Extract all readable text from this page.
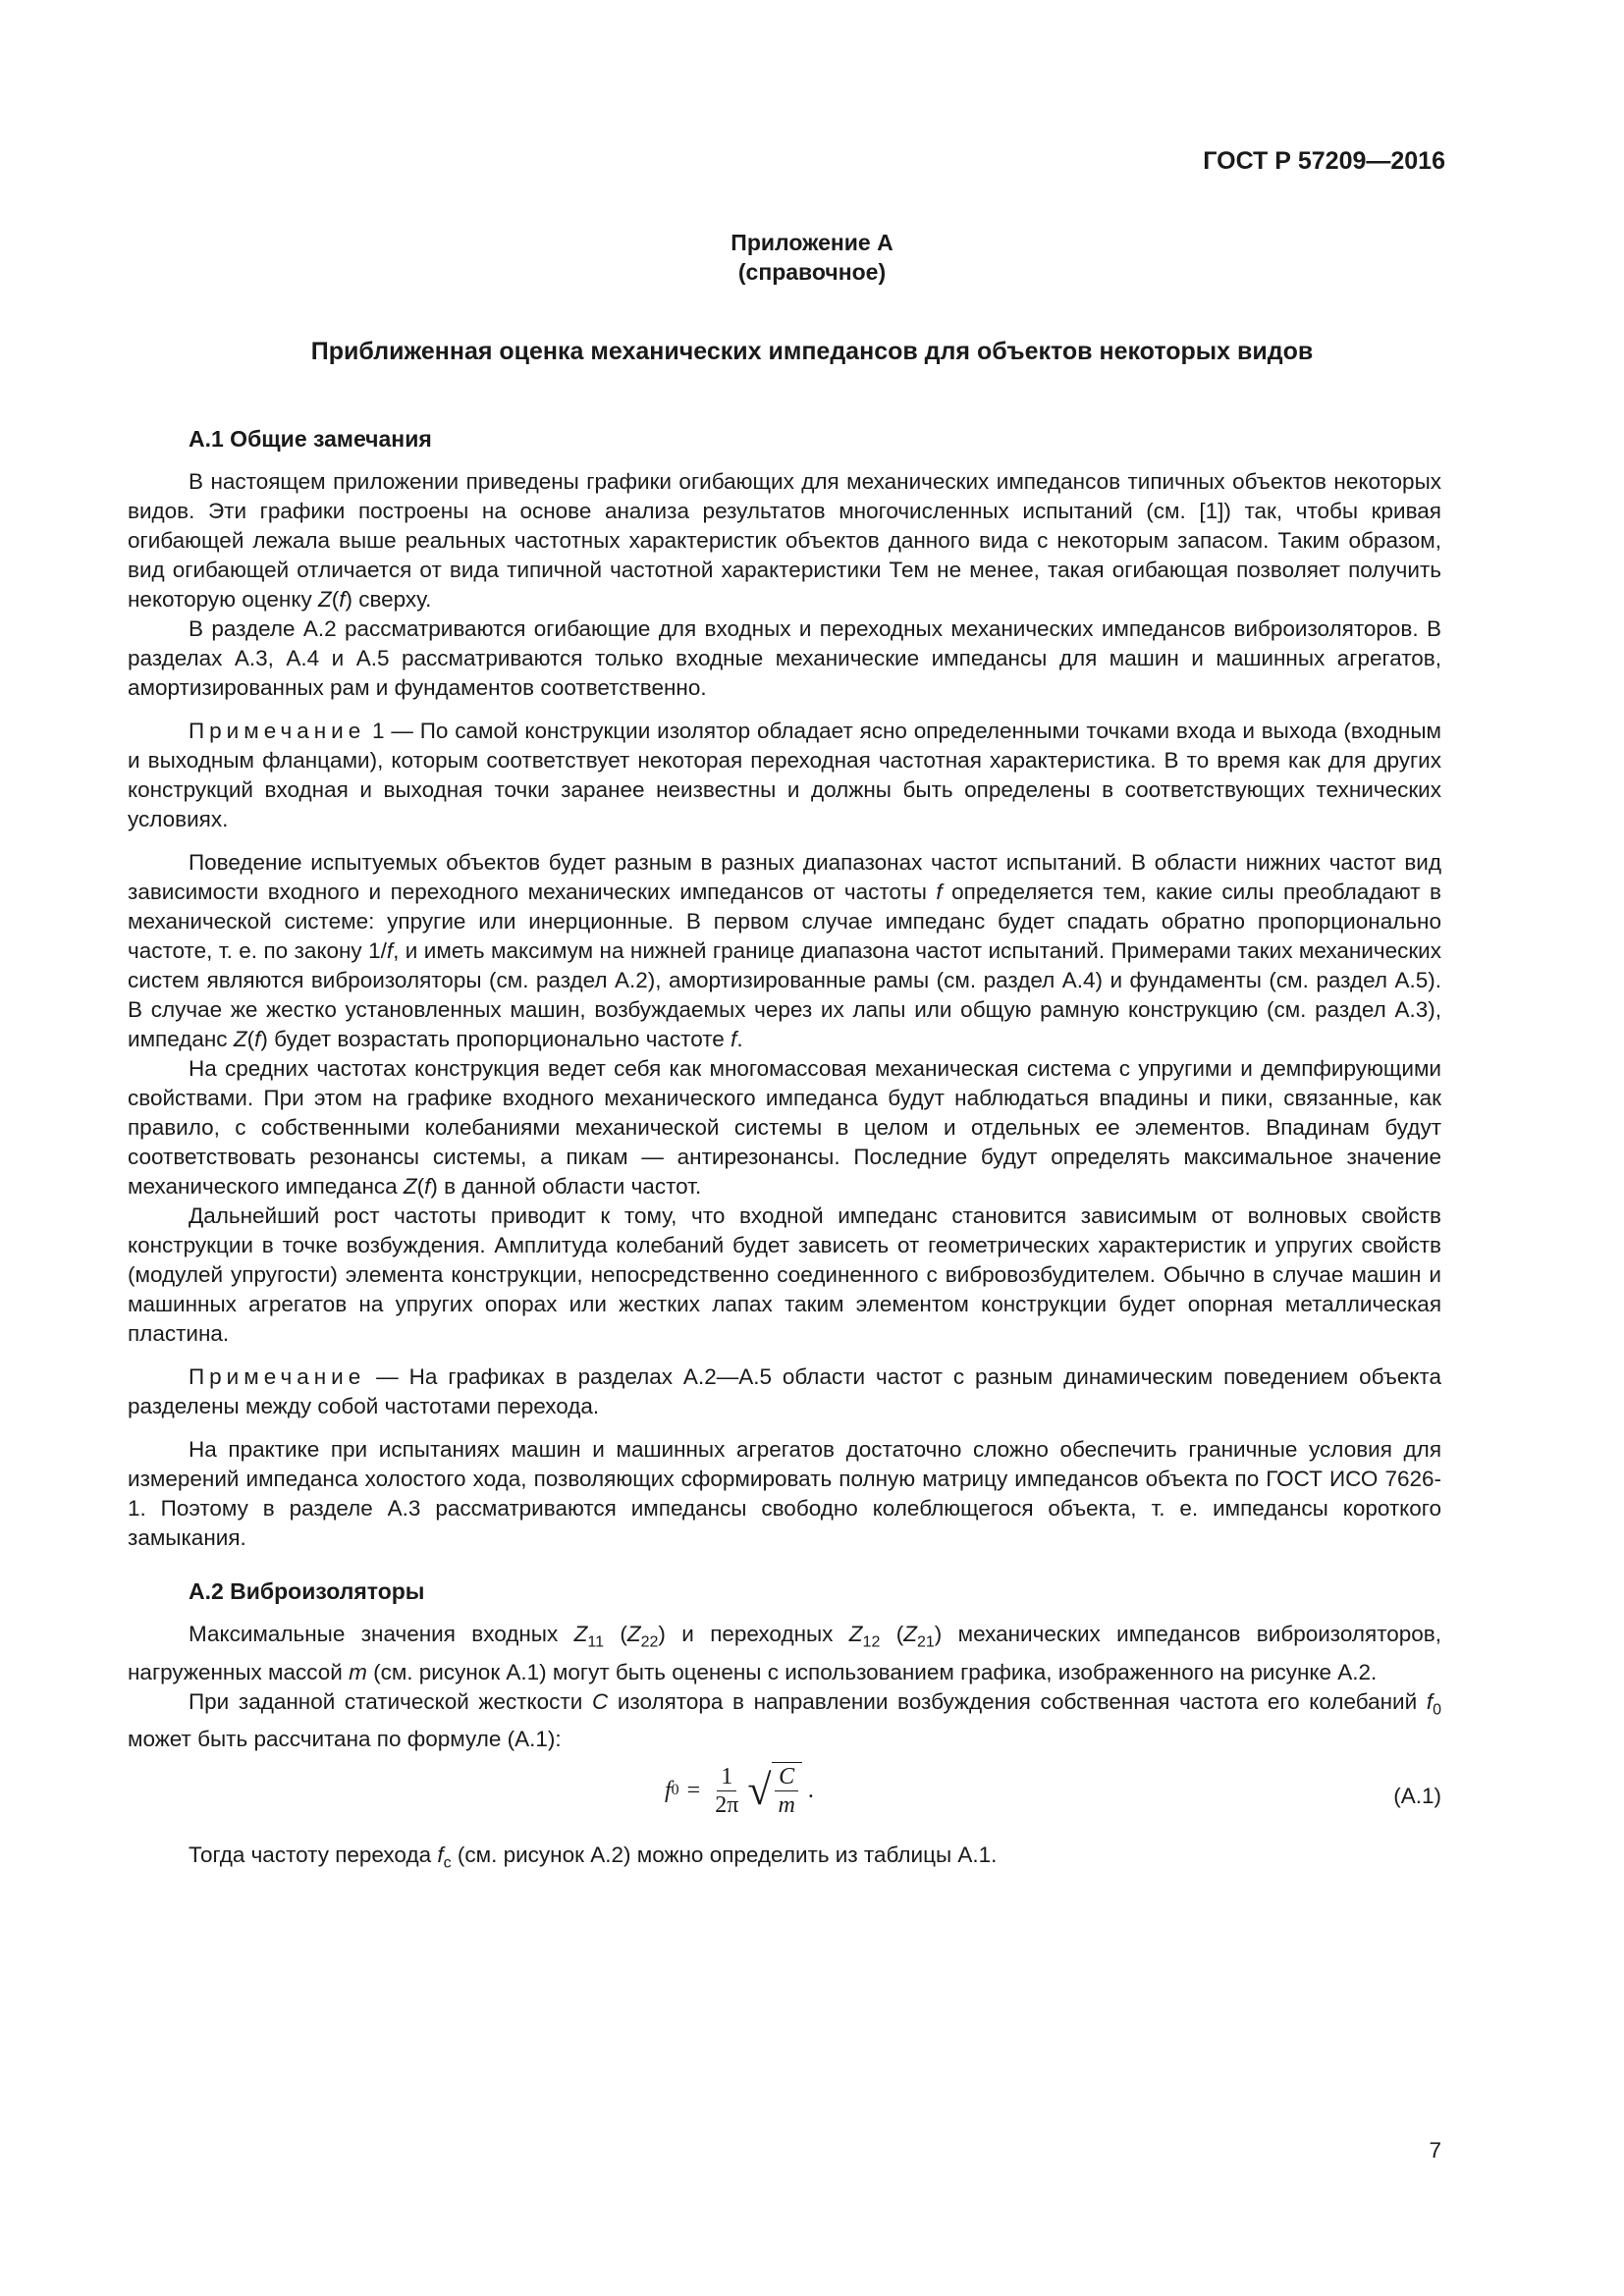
ГОСТ Р 57209—2016
Приложение А
(справочное)
Приближенная оценка механических импедансов для объектов некоторых видов
А.1 Общие замечания

В настоящем приложении приведены графики огибающих для механических импедансов типичных объектов некоторых видов. Эти графики построены на основе анализа результатов многочисленных испытаний (см. [1]) так, чтобы кривая огибающей лежала выше реальных частотных характеристик объектов данного вида с некоторым запасом. Таким образом, вид огибающей отличается от вида типичной частотной характеристики Тем не менее, такая огибающая позволяет получить некоторую оценку Z(f) сверху.

В разделе А.2 рассматриваются огибающие для входных и переходных механических импедансов виброизоляторов. В разделах А.3, А.4 и А.5 рассматриваются только входные механические импедансы для машин и машинных агрегатов, амортизированных рам и фундаментов соответственно.

Примечание 1 — По самой конструкции изолятор обладает ясно определенными точками входа и выхода (входным и выходным фланцами), которым соответствует некоторая переходная частотная характеристика. В то время как для других конструкций входная и выходная точки заранее неизвестны и должны быть определены в соответствующих технических условиях.

Поведение испытуемых объектов будет разным в разных диапазонах частот испытаний. В области нижних частот вид зависимости входного и переходного механических импедансов от частоты f определяется тем, какие силы преобладают в механической системе: упругие или инерционные. В первом случае импеданс будет спадать обратно пропорционально частоте, т. е. по закону 1/f, и иметь максимум на нижней границе диапазона частот испытаний. Примерами таких механических систем являются виброизоляторы (см. раздел А.2), амортизированные рамы (см. раздел А.4) и фундаменты (см. раздел А.5). В случае же жестко установленных машин, возбуждаемых через их лапы или общую рамную конструкцию (см. раздел А.3), импеданс Z(f) будет возрастать пропорционально частоте f.

На средних частотах конструкция ведет себя как многомассовая механическая система с упругими и демпфирующими свойствами. При этом на графике входного механического импеданса будут наблюдаться впадины и пики, связанные, как правило, с собственными колебаниями механической системы в целом и отдельных ее элементов. Впадинам будут соответствовать резонансы системы, а пикам — антирезонансы. Последние будут определять максимальное значение механического импеданса Z(f) в данной области частот.

Дальнейший рост частоты приводит к тому, что входной импеданс становится зависимым от волновых свойств конструкции в точке возбуждения. Амплитуда колебаний будет зависеть от геометрических характеристик и упругих свойств (модулей упругости) элемента конструкции, непосредственно соединенного с вибровозбудителем. Обычно в случае машин и машинных агрегатов на упругих опорах или жестких лапах таким элементом конструкции будет опорная металлическая пластина.

Примечание — На графиках в разделах А.2—А.5 области частот с разным динамическим поведением объекта разделены между собой частотами перехода.

На практике при испытаниях машин и машинных агрегатов достаточно сложно обеспечить граничные условия для измерений импеданса холостого хода, позволяющих сформировать полную матрицу импедансов объекта по ГОСТ ИСО 7626-1. Поэтому в разделе А.3 рассматриваются импедансы свободно колеблющегося объекта, т. е. импедансы короткого замыкания.

А.2 Виброизоляторы

Максимальные значения входных $Z_{11}$ $(Z_{22})$ и переходных $Z_{12}$ $(Z_{21})$ механических импедансов виброизоляторов, нагруженных массой m (см. рисунок А.1) могут быть оценены с использованием графика, изображенного на рисунке А.2.

При заданной статической жесткости C изолятора в направлении возбуждения собственная частота его колебаний $f_0$ может быть рассчитана по формуле (А.1):

f $0 = \frac{1}{2\pi}$ √ $\frac{C}{m}$ .	(А.1)

Тогда частоту перехода $f_c$ (см. рисунок А.2) можно определить из таблицы А.1.

7
